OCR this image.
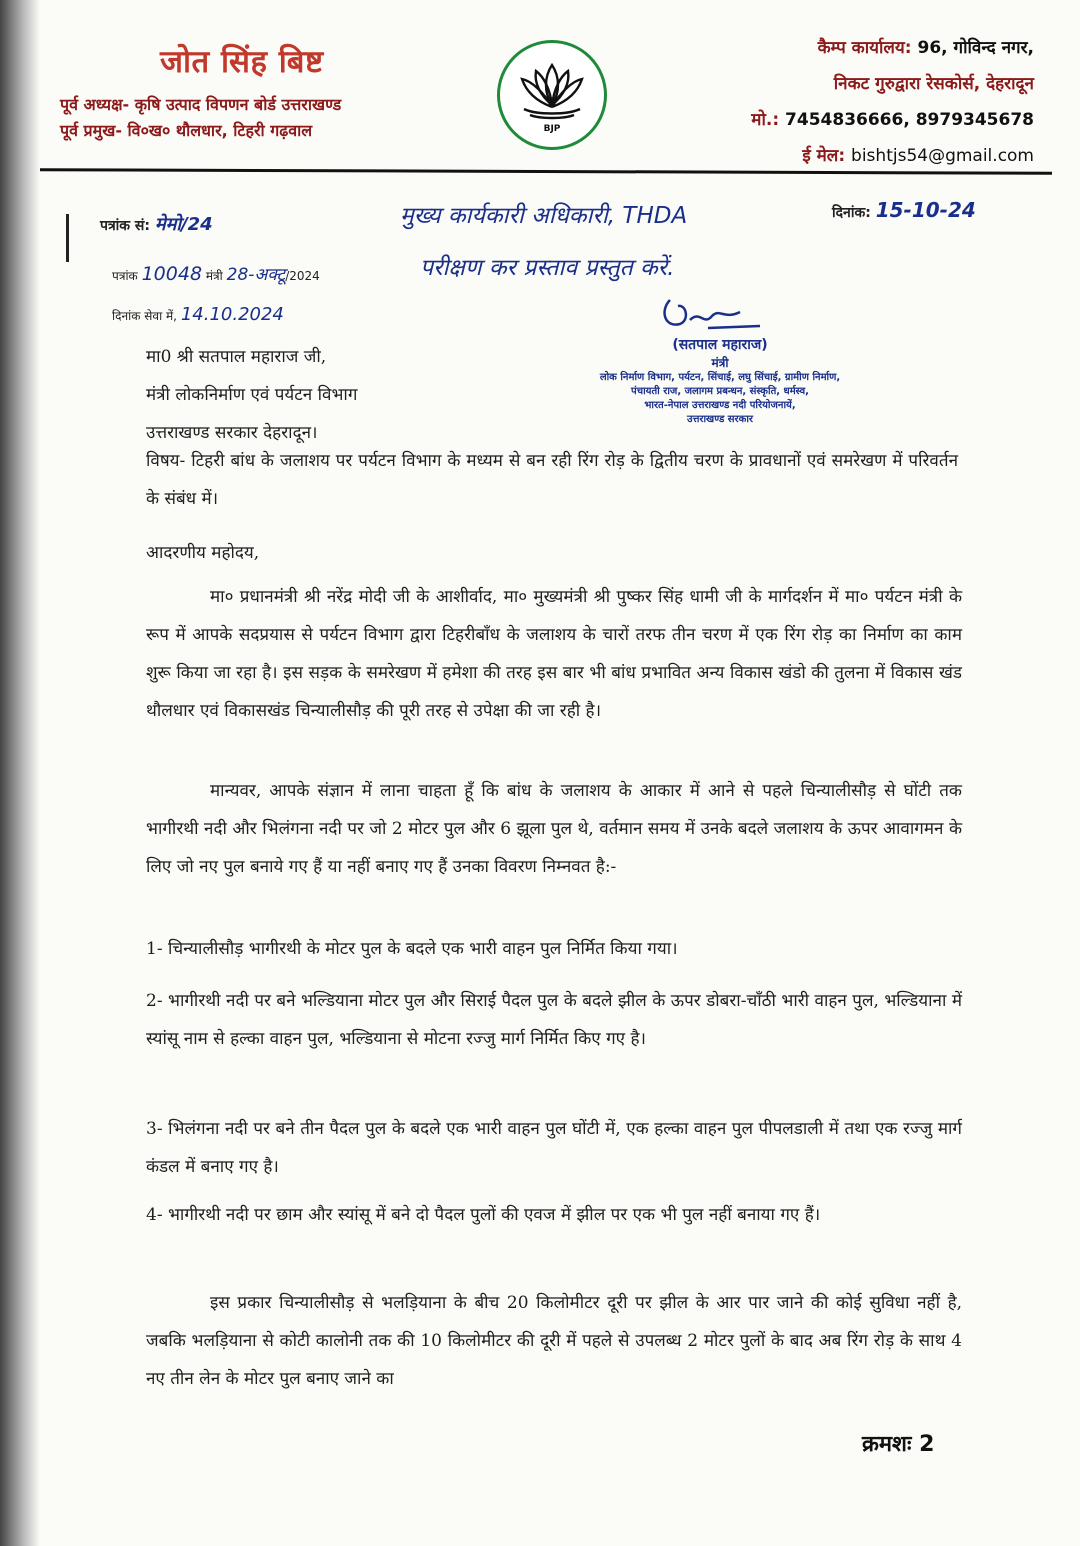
जोत सिंह बिष्ट
पूर्व अध्यक्ष- कृषि उत्पाद विपणन बोर्ड उत्तराखण्ड
पूर्व प्रमुख- वि०ख० थौलधार, टिहरी गढ़वाल	BJP
कैम्प कार्यालय: 96, गोविन्द नगर,
निकट गुरुद्वारा रेसकोर्स, देहरादून
मो.: 7454836666, 8979345678
ई मेल: bishtjs54@gmail.com
पत्रांक सं: मेमो/24
दिनांक: 15-10-24
पत्रांक 10048 मंत्री 28-अक्टू/2024
दिनांक सेवा में, 14.10.2024
मुख्य कार्यकारी अधिकारी, THDA
परीक्षण कर प्रस्ताव प्रस्तुत करें.
(सतपाल महाराज)
मंत्री
लोक निर्माण विभाग, पर्यटन, सिंचाई, लघु सिंचाई, ग्रामीण निर्माण,
पंचायती राज, जलागम प्रबन्धन, संस्कृति, धर्मस्व,
भारत-नेपाल उत्तराखण्ड नदी परियोजनायें,
उत्तराखण्ड सरकार
मा0 श्री सतपाल महाराज जी,
मंत्री लोकनिर्माण एवं पर्यटन विभाग
उत्तराखण्ड सरकार देहरादून।
विषय- टिहरी बांध के जलाशय पर पर्यटन विभाग के मध्यम से बन रही रिंग रोड़ के द्वितीय चरण के प्रावधानों एवं समरेखण में परिवर्तन के संबंध में।
आदरणीय महोदय,
मा० प्रधानमंत्री श्री नरेंद्र मोदी जी के आशीर्वाद, मा० मुख्यमंत्री श्री पुष्कर सिंह धामी जी के मार्गदर्शन में मा० पर्यटन मंत्री के रूप में आपके सदप्रयास से पर्यटन विभाग द्वारा टिहरीबाँध के जलाशय के चारों तरफ तीन चरण में एक रिंग रोड़ का निर्माण का काम शुरू किया जा रहा है। इस सड़क के समरेखण में हमेशा की तरह इस बार भी बांध प्रभावित अन्य विकास खंडो की तुलना में विकास खंड थौलधार एवं विकासखंड चिन्यालीसौड़ की पूरी तरह से उपेक्षा की जा रही है।
मान्यवर, आपके संज्ञान में लाना चाहता हूँ कि बांध के जलाशय के आकार में आने से पहले चिन्यालीसौड़ से घोंटी तक भागीरथी नदी और भिलंगना नदी पर जो 2 मोटर पुल और 6 झूला पुल थे, वर्तमान समय में उनके बदले जलाशय के ऊपर आवागमन के लिए जो नए पुल बनाये गए हैं या नहीं बनाए गए हैं उनका विवरण निम्नवत है:-
1- चिन्यालीसौड़ भागीरथी के मोटर पुल के बदले एक भारी वाहन पुल निर्मित किया गया।
2- भागीरथी नदी पर बने भल्डियाना मोटर पुल और सिराई पैदल पुल के बदले झील के ऊपर डोबरा-चाँठी भारी वाहन पुल, भल्डियाना में स्यांसू नाम से हल्का वाहन पुल, भल्डियाना से मोटना रज्जु मार्ग निर्मित किए गए है।
3- भिलंगना नदी पर बने तीन पैदल पुल के बदले एक भारी वाहन पुल घोंटी में, एक हल्का वाहन पुल पीपलडाली में तथा एक रज्जु मार्ग कंडल में बनाए गए है।
4- भागीरथी नदी पर छाम और स्यांसू में बने दो पैदल पुलों की एवज में झील पर एक भी पुल नहीं बनाया गए हैं।
इस प्रकार चिन्यालीसौड़ से भलड़ियाना के बीच 20 किलोमीटर दूरी पर झील के आर पार जाने की कोई सुविधा नहीं है, जबकि भलड़ियाना से कोटी कालोनी तक की 10 किलोमीटर की दूरी में पहले से उपलब्ध 2 मोटर पुलों के बाद अब रिंग रोड़ के साथ 4 नए तीन लेन के मोटर पुल बनाए जाने का
क्रमशः 2
